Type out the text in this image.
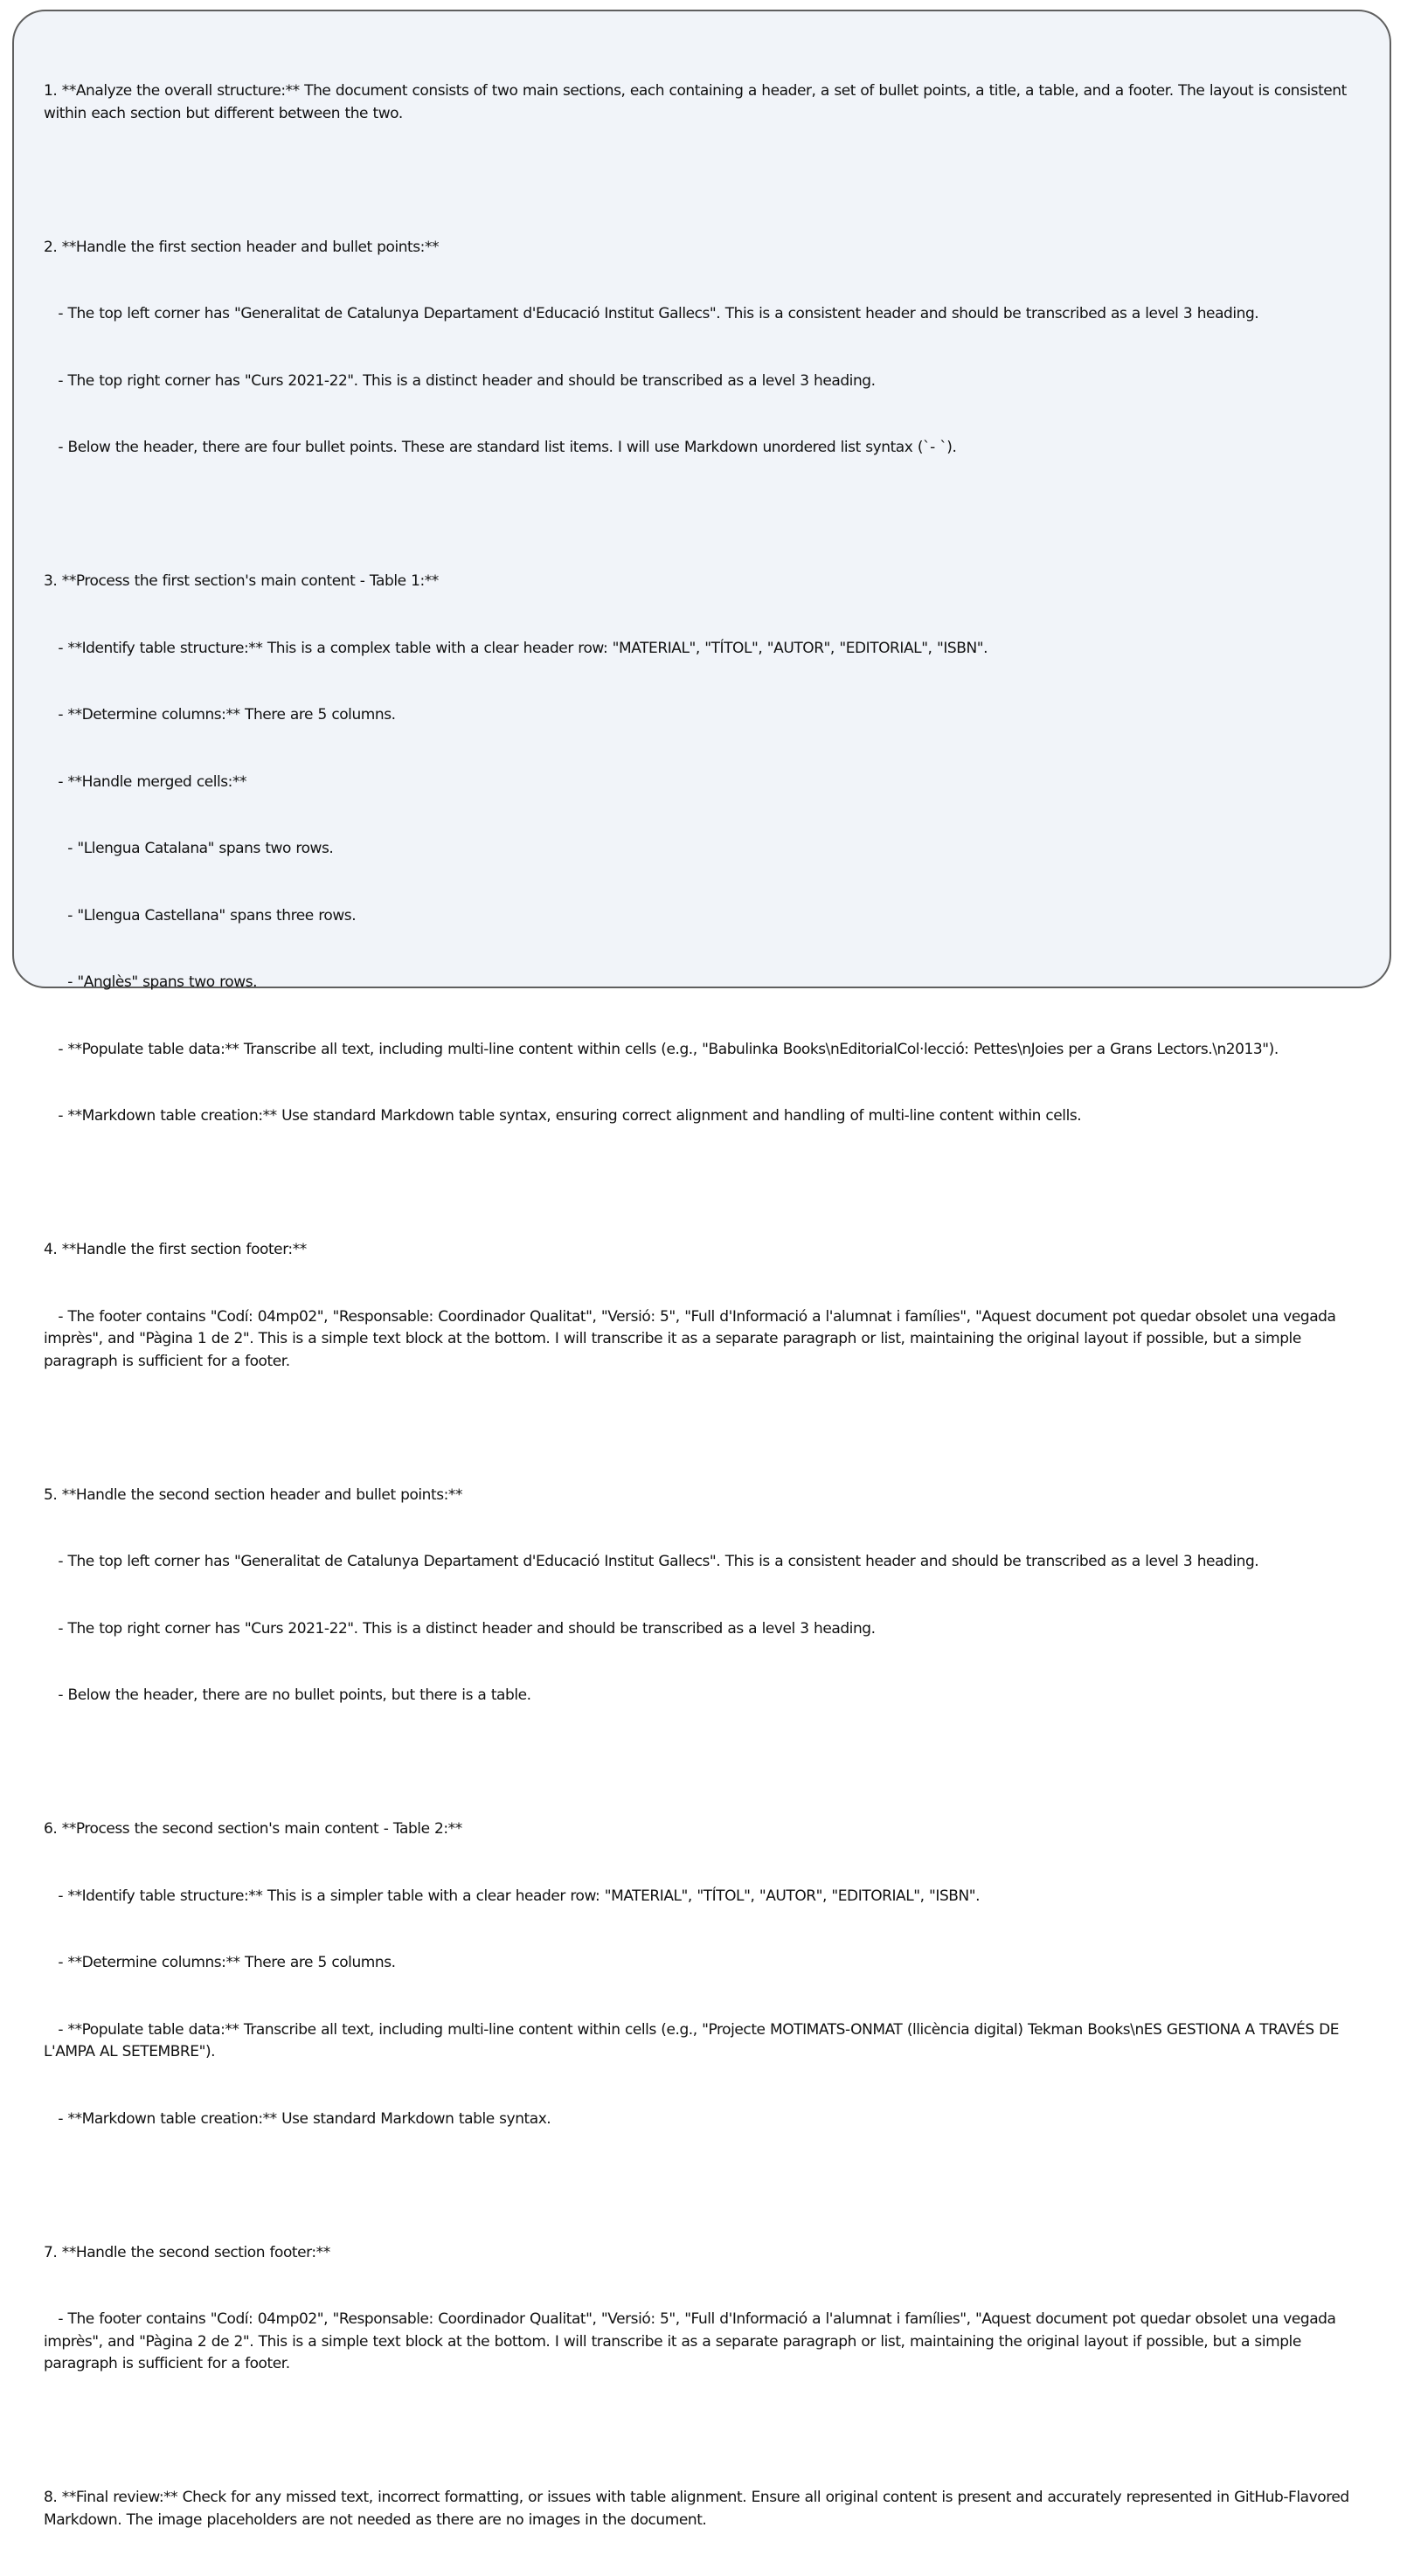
1. **Analyze the overall structure:** The document consists of two main sections, each containing a header, a set of bullet points, a title, a table, and a footer. The layout is consistent within each section but different between the two.

2. **Handle the first section header and bullet points:**

- The top left corner has "Generalitat de Catalunya Departament d'Educació Institut Gallecs". This is a consistent header and should be transcribed as a level 3 heading.

- The top right corner has "Curs 2021-22". This is a distinct header and should be transcribed as a level 3 heading.

- Below the header, there are four bullet points. These are standard list items. I will use Markdown unordered list syntax (`- `).

3. **Process the first section's main content - Table 1:**

- **Identify table structure:** This is a complex table with a clear header row: "MATERIAL", "TÍTOL", "AUTOR", "EDITORIAL", "ISBN".

- **Determine columns:** There are 5 columns.

- **Handle merged cells:**

- "Llengua Catalana" spans two rows.

- "Llengua Castellana" spans three rows.

- "Anglès" spans two rows.

- **Populate table data:** Transcribe all text, including multi-line content within cells (e.g., "Babulinka Books\nEditorialCol·lecció: Pettes\nJoies per a Grans Lectors.\n2013").

- **Markdown table creation:** Use standard Markdown table syntax, ensuring correct alignment and handling of multi-line content within cells.

4. **Handle the first section footer:**

- The footer contains "Codí: 04mp02", "Responsable: Coordinador Qualitat", "Versió: 5", "Full d'Informació a l'alumnat i famílies", "Aquest document pot quedar obsolet una vegada imprès", and "Pàgina 1 de 2". This is a simple text block at the bottom. I will transcribe it as a separate paragraph or list, maintaining the original layout if possible, but a simple paragraph is sufficient for a footer.

5. **Handle the second section header and bullet points:**

- The top left corner has "Generalitat de Catalunya Departament d'Educació Institut Gallecs". This is a consistent header and should be transcribed as a level 3 heading.

- The top right corner has "Curs 2021-22". This is a distinct header and should be transcribed as a level 3 heading.

- Below the header, there are no bullet points, but there is a table.

6. **Process the second section's main content - Table 2:**

- **Identify table structure:** This is a simpler table with a clear header row: "MATERIAL", "TÍTOL", "AUTOR", "EDITORIAL", "ISBN".

- **Determine columns:** There are 5 columns.

- **Populate table data:** Transcribe all text, including multi-line content within cells (e.g., "Projecte MOTIMATS-ONMAT (llicència digital) Tekman Books\nES GESTIONA A TRAVÉS DE L'AMPA AL SETEMBRE").

- **Markdown table creation:** Use standard Markdown table syntax.

7. **Handle the second section footer:**

- The footer contains "Codí: 04mp02", "Responsable: Coordinador Qualitat", "Versió: 5", "Full d'Informació a l'alumnat i famílies", "Aquest document pot quedar obsolet una vegada imprès", and "Pàgina 2 de 2". This is a simple text block at the bottom. I will transcribe it as a separate paragraph or list, maintaining the original layout if possible, but a simple paragraph is sufficient for a footer.

8. **Final review:** Check for any missed text, incorrect formatting, or issues with table alignment. Ensure all original content is present and accurately represented in GitHub-Flavored Markdown. The image placeholders are not needed as there are no images in the document.
